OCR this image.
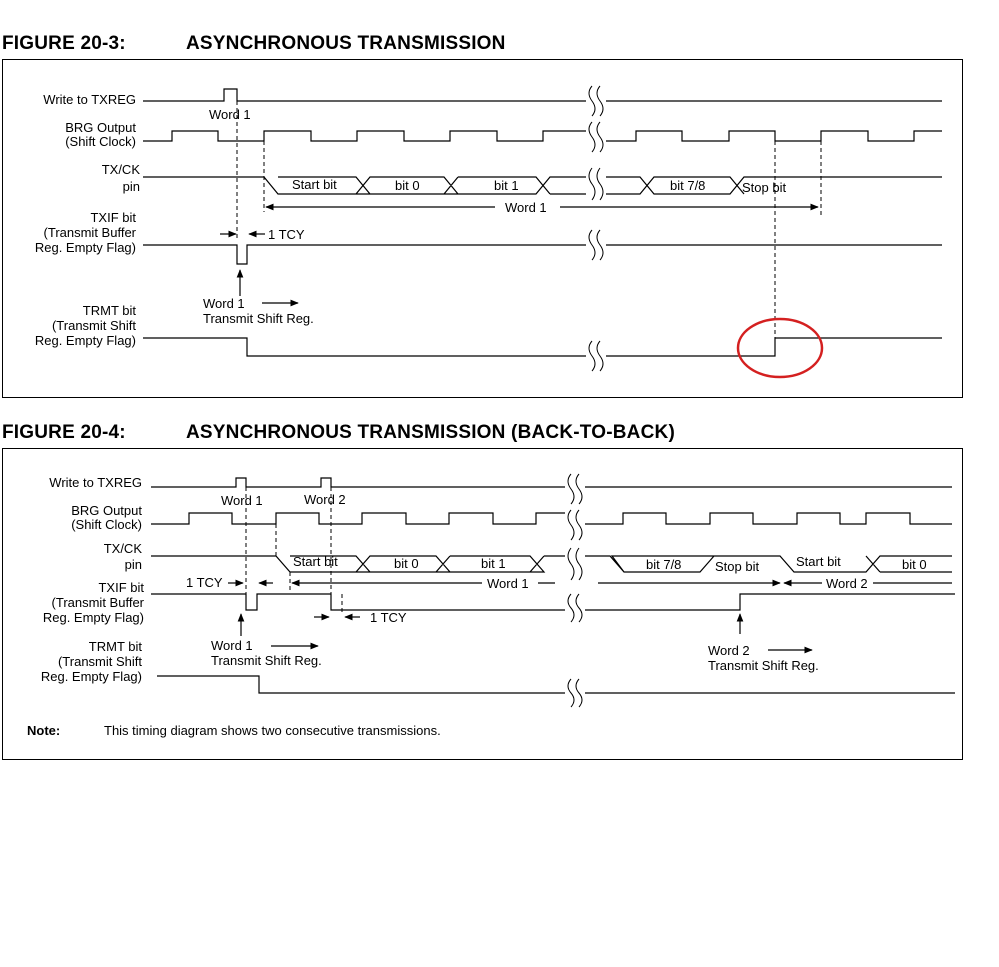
FIGURE 20-3:	ASYNCHRONOUS TRANSMISSION
Write to TXREG
BRG Output
(Shift Clock)
TX/CK
pin
TXIF bit
(Transmit Buffer
Reg. Empty Flag)
TRMT bit
(Transmit Shift
Reg. Empty Flag)
Word 1
Start bit	bit 0	bit 1	bit 7/8	Stop bit
Word 1
1 TCY
Word 1
Transmit Shift Reg.
FIGURE 20-4:	ASYNCHRONOUS TRANSMISSION (BACK-TO-BACK)
Write to TXREG
BRG Output
(Shift Clock)
TX/CK
pin
TXIF bit
(Transmit Buffer
Reg. Empty Flag)
TRMT bit
(Transmit Shift
Reg. Empty Flag)
Word 1	Word 2
Start bit	bit 0	bit 1	bit 7/8	Stop bit	Start bit	bit 0
Word 1	Word 2
1 TCY
1 TCY
Word 1
Transmit Shift Reg.
Word 2
Transmit Shift Reg.
Note:	This timing diagram shows two consecutive transmissions.
